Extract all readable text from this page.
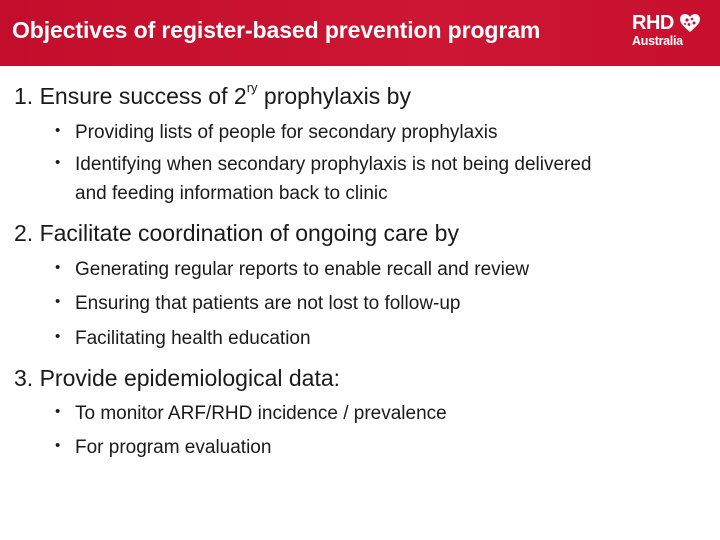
Objectives of register-based prevention program	RHD
Australia
1. Ensure success of $2^{ry}$ prophylaxis by
• Providing lists of people for secondary prophylaxis
• Identifying when secondary prophylaxis is not being delivered
and feeding information back to clinic
2. Facilitate coordination of ongoing care by
• Generating regular reports to enable recall and review
• Ensuring that patients are not lost to follow-up
• Facilitating health education
3. Provide epidemiological data:
• To monitor ARF/RHD incidence / prevalence
• For program evaluation
